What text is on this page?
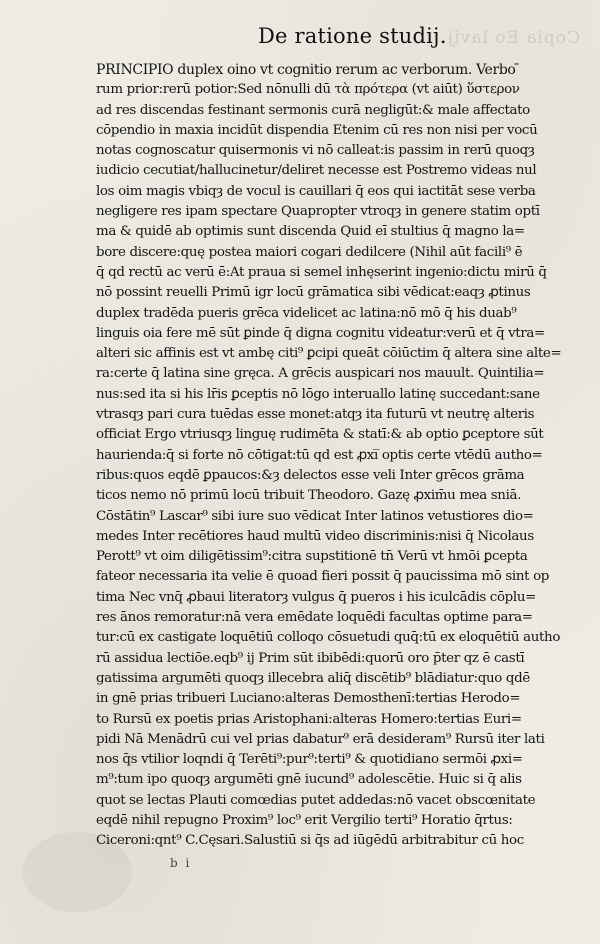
Copia Eo lavij.
De ratione studij.
PRINCIPIO duplex oino vt cognitio rerum ac verborum. Verbo ̄
rum prior:rerū potior:Sed nōnulli dū τὰ πρότερα (vt aiūt) ὕστερον
ad res discendas festinant sermonis curā negligūt:& male affectato
cōpendio in maxia incidūt dispendia Etenim cū res non nisi per vocū
notas cognoscatur quisermonis vi nō calleat:is passim in rerū quoqȝ
iudicio cecutiat/hallucinetur/deliret necesse est Postremo videas nul
los oim magis vbiqȝ de vocul is cauillari q̄ eos qui iactitāt sese verba
negligere res ipam spectare Quapropter vtroqȝ in genere statim optī
ma & quidē ab optimis sunt discenda Quid eī stultius q̄ magno la=
bore discere:quę postea maiori cogari dedilcere (Nihil aūt facili⁹ ē
q̄ qd rectū ac verū ē:At praua si semel inhęserint ingenio:dictu mirū q̄
nō possint reuelli Primū igr locū grāmatica sibi vēdicat:eaqȝ ꝓtinus
duplex tradēda pueris grēca videlicet ac latina:nō mō q̄ his duab⁹
linguis oia fere mē sūt ꝑinde q̄ digna cognitu videatur:verū et q̄ vtra=
alteri sic affinis est vt ambę citi⁹ ꝑcipi queāt cōiūctim q̄ altera sine alte=
ra:certe q̄ latina sine gręca. A grēcis auspicari nos mauult. Quintilia=
nus:sed ita si his lr̄is ꝑceptis nō lōgo interuallo latinę succedant:sane
vtrasqȝ pari cura tuēdas esse monet:atqȝ ita futurū vt neutrę alteris
officiat Ergo vtriusqȝ linguę rudimēta & statī:& ab optio ꝑceptore sūt
haurienda:q̄ si forte nō cōtigat:tū qd est ꝓxi̅ optis certe vtēdū autho=
ribus:quos eqdē ꝑpaucos:&ȝ delectos esse veli Inter grēcos grāma
ticos nemo nō primū locū tribuit Theodoro. Gazę ꝓxim̄u mea sniā.
Cōstātin⁹ Lascar⁹ sibi iure suo vēdicat Inter latinos vetustiores dio=
medes Inter recētiores haud multū video discriminis:nisi q̄ Nicolaus
Perott⁹ vt oim diligētissim⁹:citra supstitionē tn̄ Verū vt hmōi ꝑcepta
fateor necessaria ita velie ē quoad fieri possit q̄ paucissima mō sint op
tima Nec vnq̄ ꝓbaui literatorȝ vulgus q̄ pueros i his iculcādis cōplu=
res ānos remoratur:nā vera emēdate loquēdi facultas optime para=
tur:cū ex castigate loquētiū colloqo cōsuetudi quq̄:tū ex eloquētiū autho
rū assidua lectiōe.eqb⁹ ij Prim sūt ibibēdi:quorū oro p̄ter qz ē castī
gatissima argumēti quoqȝ illecebra aliq̄ discētib⁹ blādiatur:quo qdē
in gnē prias tribueri Luciano:alteras Demosthenī:tertias Herodo=
to Rursū ex poetis prias Aristophani:alteras Homero:tertias Euri=
pidi Nā Menādrū cui vel prias dabatur⁹ erā desideram⁹ Rursū iter lati
nos q̄s vtilior loqndi q̄ Terēti⁹:pur⁹:terti⁹ & quotidiano sermōi ꝓxi=
m⁹:tum ipo quoqȝ argumēti gnē iucund⁹ adolescētie. Huic si q̄ alis
quot se lectas Plauti comœdias putet addedas:nō vacet obscœnitate
eqdē nihil repugno Proxim⁹ loc⁹ erit Vergilio terti⁹ Horatio q̄rtus:
Ciceroni:qnt⁹ C.Cęsari.Salustiū si q̄s ad iūgēdū arbitrabitur cū hoc
b i
